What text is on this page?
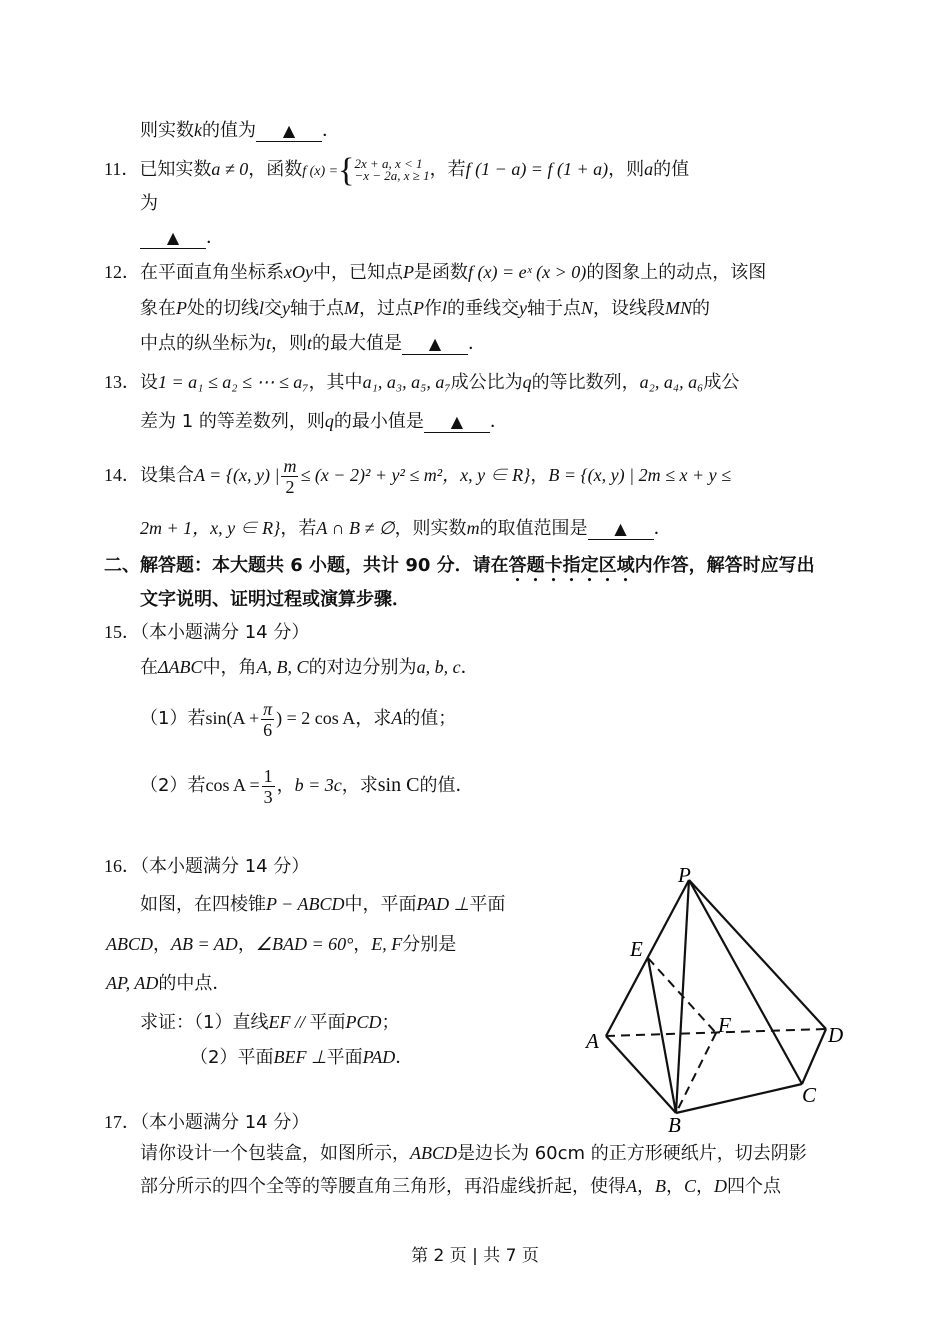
则实数k的值为 ▲ ．
11．已知实数a ≠ 0，函数f (x) ={ 2x + a, x < 1
−x − 2a, x ≥ 1 ，若f (1 − a) = f (1 + a)，则a的值
为
▲ ．
12．在平面直角坐标系xOy中，已知点P是函数f (x) = eˣ (x > 0)的图象上的动点，该图
象在P处的切线l交y轴于点M，过点P作l的垂线交y轴于点N，设线段MN的
中点的纵坐标为t，则t的最大值是 ▲ ．
13．设1 = a₁ ≤ a₂ ≤ ⋯ ≤ a₇，其中a₁, a₃, a₅, a₇成公比为q的等比数列，a₂, a₄, a₆成公
差为 1 的等差数列，则q的最小值是 ▲ ．
14．设集合A = {(x, y) | $\frac{m}{2} \le (x - 2)^2 + y^2 \le m^2$，x, y ∈ R}，B = {(x, y) | 2m ≤ x + y ≤
2m + 1，x, y ∈ R}，若A ∩ B ≠ ∅，则实数m的取值范围是 ▲ ．
二、解答题：本大题共 6 小题，共计 90 分．请在答题卡指定区域内作答，解答时应写出
文字说明、证明过程或演算步骤．
15．（本小题满分 14 分）
在ΔABC中，角A, B, C的对边分别为a, b, c．
（1）若$\sin(A + \frac{\pi}{6}$ ) = 2 cos A，求A的值；
（2）若$\cos A = \frac{1}{3}$ ，b = 3c，求sin C的值．
16．（本小题满分 14 分）
如图，在四棱锥P − ABCD中，平面PAD ⊥平面
ABCD，AB = AD，∠BAD = 60°，E, F分别是
AP, AD的中点．
求证：（1）直线EF // 平面PCD；
（2）平面BEF ⊥平面PAD．
P
E
A
F	D
C
B
17．（本小题满分 14 分）
请你设计一个包装盒，如图所示，ABCD是边长为 60cm 的正方形硬纸片，切去阴影
部分所示的四个全等的等腰直角三角形，再沿虚线折起，使得A，B，C，D四个点
第 2 页 | 共 7 页
